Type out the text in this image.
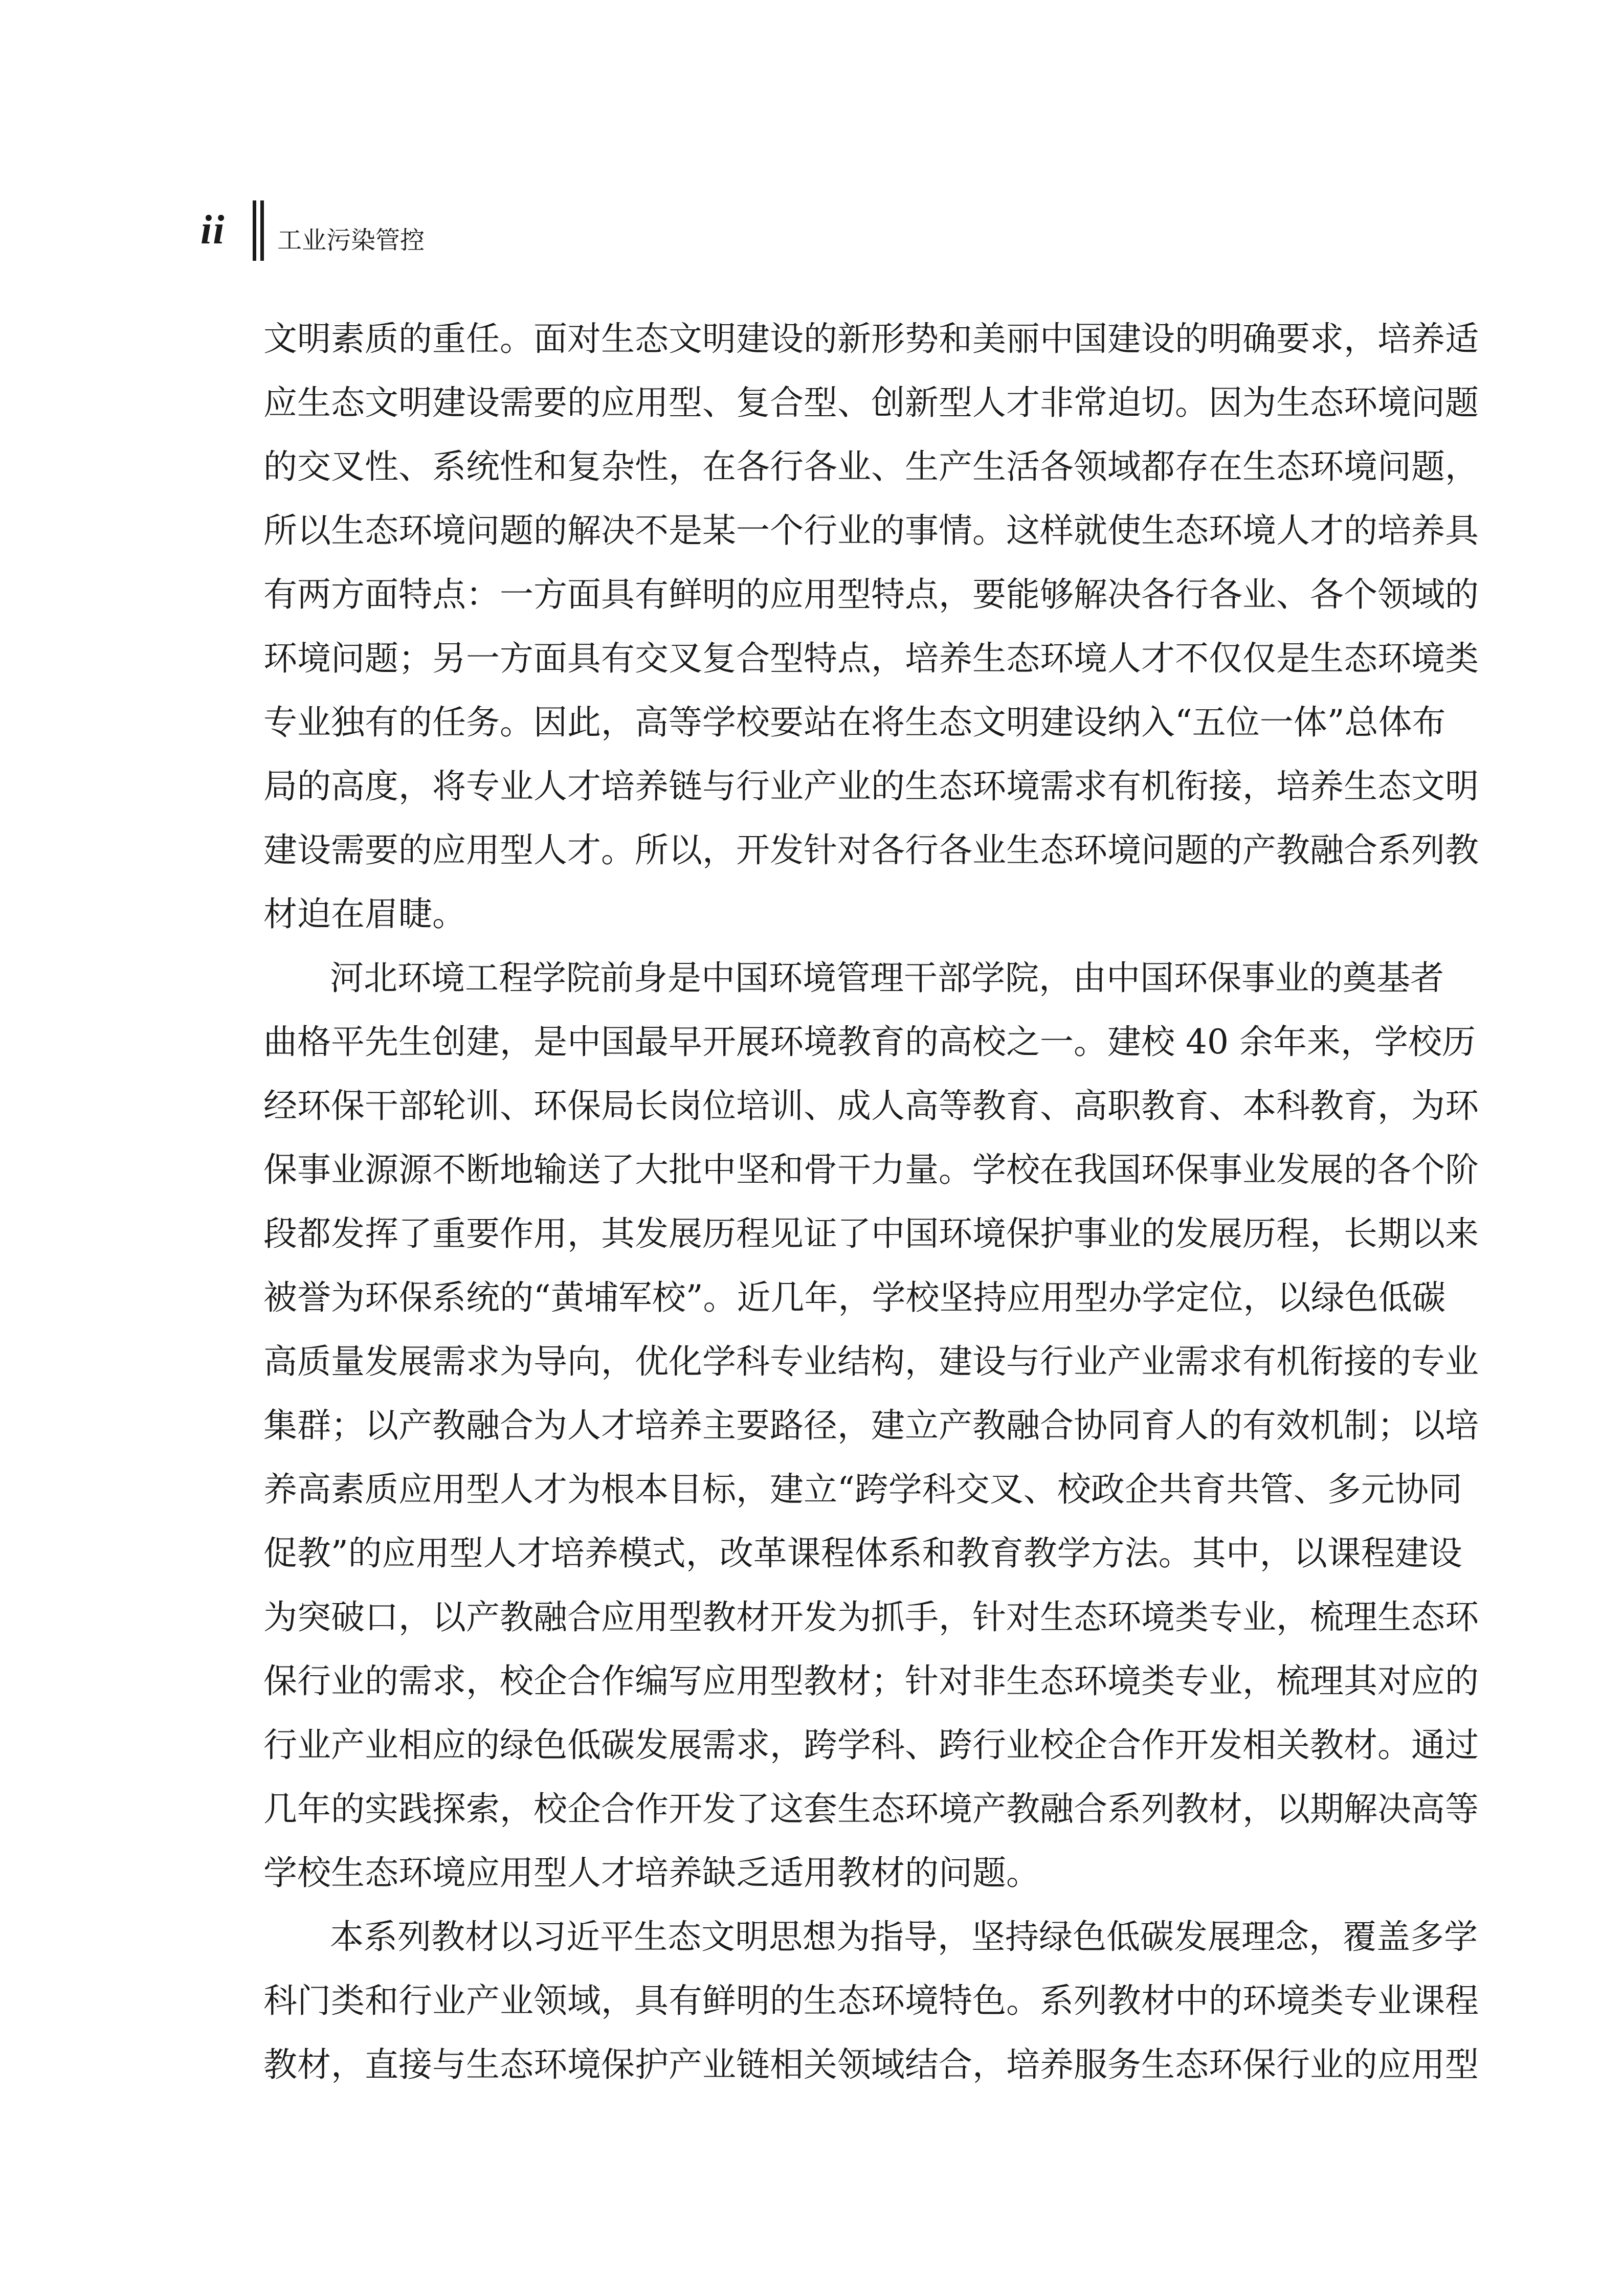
ii 工业污染管控
文明素质的重任。面对生态文明建设的新形势和美丽中国建设的明确要求，培养适
应生态文明建设需要的应用型、复合型、创新型人才非常迫切。因为生态环境问题
的交叉性、系统性和复杂性，在各行各业、生产生活各领域都存在生态环境问题，
所以生态环境问题的解决不是某一个行业的事情。这样就使生态环境人才的培养具
有两方面特点：一方面具有鲜明的应用型特点，要能够解决各行各业、各个领域的
环境问题；另一方面具有交叉复合型特点，培养生态环境人才不仅仅是生态环境类
专业独有的任务。因此，高等学校要站在将生态文明建设纳入“五位一体”总体布
局的高度，将专业人才培养链与行业产业的生态环境需求有机衔接，培养生态文明
建设需要的应用型人才。所以，开发针对各行各业生态环境问题的产教融合系列教
材迫在眉睫。
河北环境工程学院前身是中国环境管理干部学院，由中国环保事业的奠基者
曲格平先生创建，是中国最早开展环境教育的高校之一。建校 40 余年来，学校历
经环保干部轮训、环保局长岗位培训、成人高等教育、高职教育、本科教育，为环
保事业源源不断地输送了大批中坚和骨干力量。学校在我国环保事业发展的各个阶
段都发挥了重要作用，其发展历程见证了中国环境保护事业的发展历程，长期以来
被誉为环保系统的“黄埔军校”。近几年，学校坚持应用型办学定位，以绿色低碳
高质量发展需求为导向，优化学科专业结构，建设与行业产业需求有机衔接的专业
集群；以产教融合为人才培养主要路径，建立产教融合协同育人的有效机制；以培
养高素质应用型人才为根本目标，建立“跨学科交叉、校政企共育共管、多元协同
促教”的应用型人才培养模式，改革课程体系和教育教学方法。其中，以课程建设
为突破口，以产教融合应用型教材开发为抓手，针对生态环境类专业，梳理生态环
保行业的需求，校企合作编写应用型教材；针对非生态环境类专业，梳理其对应的
行业产业相应的绿色低碳发展需求，跨学科、跨行业校企合作开发相关教材。通过
几年的实践探索，校企合作开发了这套生态环境产教融合系列教材，以期解决高等
学校生态环境应用型人才培养缺乏适用教材的问题。
本系列教材以习近平生态文明思想为指导，坚持绿色低碳发展理念，覆盖多学
科门类和行业产业领域，具有鲜明的生态环境特色。系列教材中的环境类专业课程
教材，直接与生态环境保护产业链相关领域结合，培养服务生态环保行业的应用型
